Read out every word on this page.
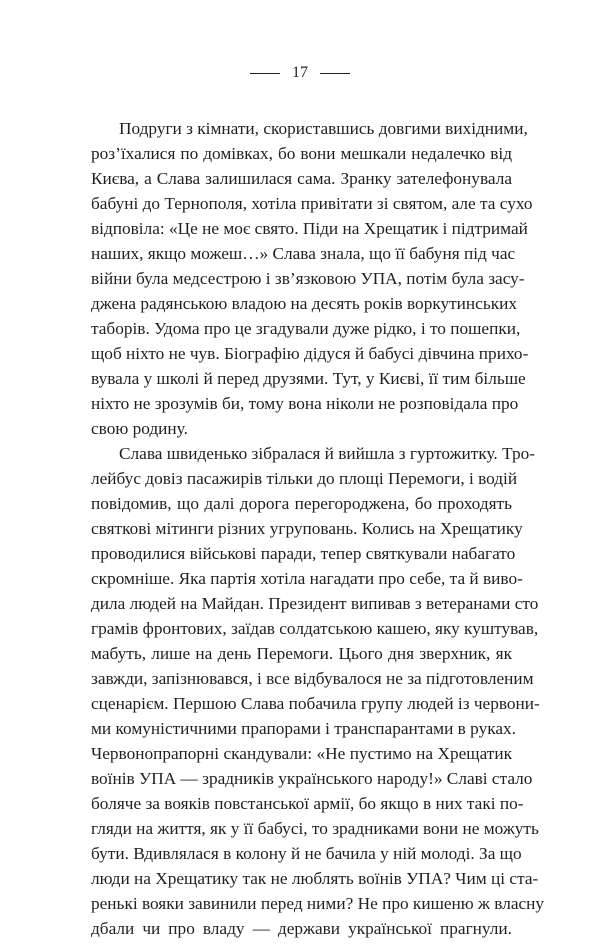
17

Подруги з кімнати, скориставшись довгими вихідними,
роз’їхалися по домівках, бо вони мешкали недалечко від
Києва, а Слава залишилася сама. Зранку зателефонувала
бабуні до Тернополя, хотіла привітати зі святом, але та сухо
відповіла: «Це не моє свято. Піди на Хрещатик і підтримай
наших, якщо можеш…» Слава знала, що її бабуня під час
війни була медсестрою і зв’язковою УПА, потім була засу-
джена радянською владою на десять років воркутинських
таборів. Удома про це згадували дуже рідко, і то пошепки,
щоб ніхто не чув. Біографію дідуся й бабусі дівчина прихо-
вувала у школі й перед друзями. Тут, у Києві, її тим більше
ніхто не зрозумів би, тому вона ніколи не розповідала про
свою родину.

Слава швиденько зібралася й вийшла з гуртожитку. Тро-
лейбус довіз пасажирів тільки до площі Перемоги, і водій
повідомив, що далі дорога перегороджена, бо проходять
святкові мітинги різних угруповань. Колись на Хрещатику
проводилися військові паради, тепер святкували набагато
скромніше. Яка партія хотіла нагадати про себе, та й виво-
дила людей на Майдан. Президент випивав з ветеранами сто
грамів фронтових, заїдав солдатською кашею, яку куштував,
мабуть, лише на день Перемоги. Цього дня зверхник, як
завжди, запізнювався, і все відбувалося не за підготовленим
сценарієм. Першою Слава побачила групу людей із червони-
ми комуністичними прапорами і транспарантами в руках.
Червонопрапорні скандували: «Не пустимо на Хрещатик
воїнів УПА — зрадників українського народу!» Славі стало
боляче за вояків повстанської армії, бо якщо в них такі по-
гляди на життя, як у її бабусі, то зрадниками вони не можуть
бути. Вдивлялася в колону й не бачила у ній молоді. За що
люди на Хрещатику так не люблять воїнів УПА? Чим ці ста-
ренькі вояки завинили перед ними? Не про кишеню ж власну
дбали чи про владу — держави української прагнули.
